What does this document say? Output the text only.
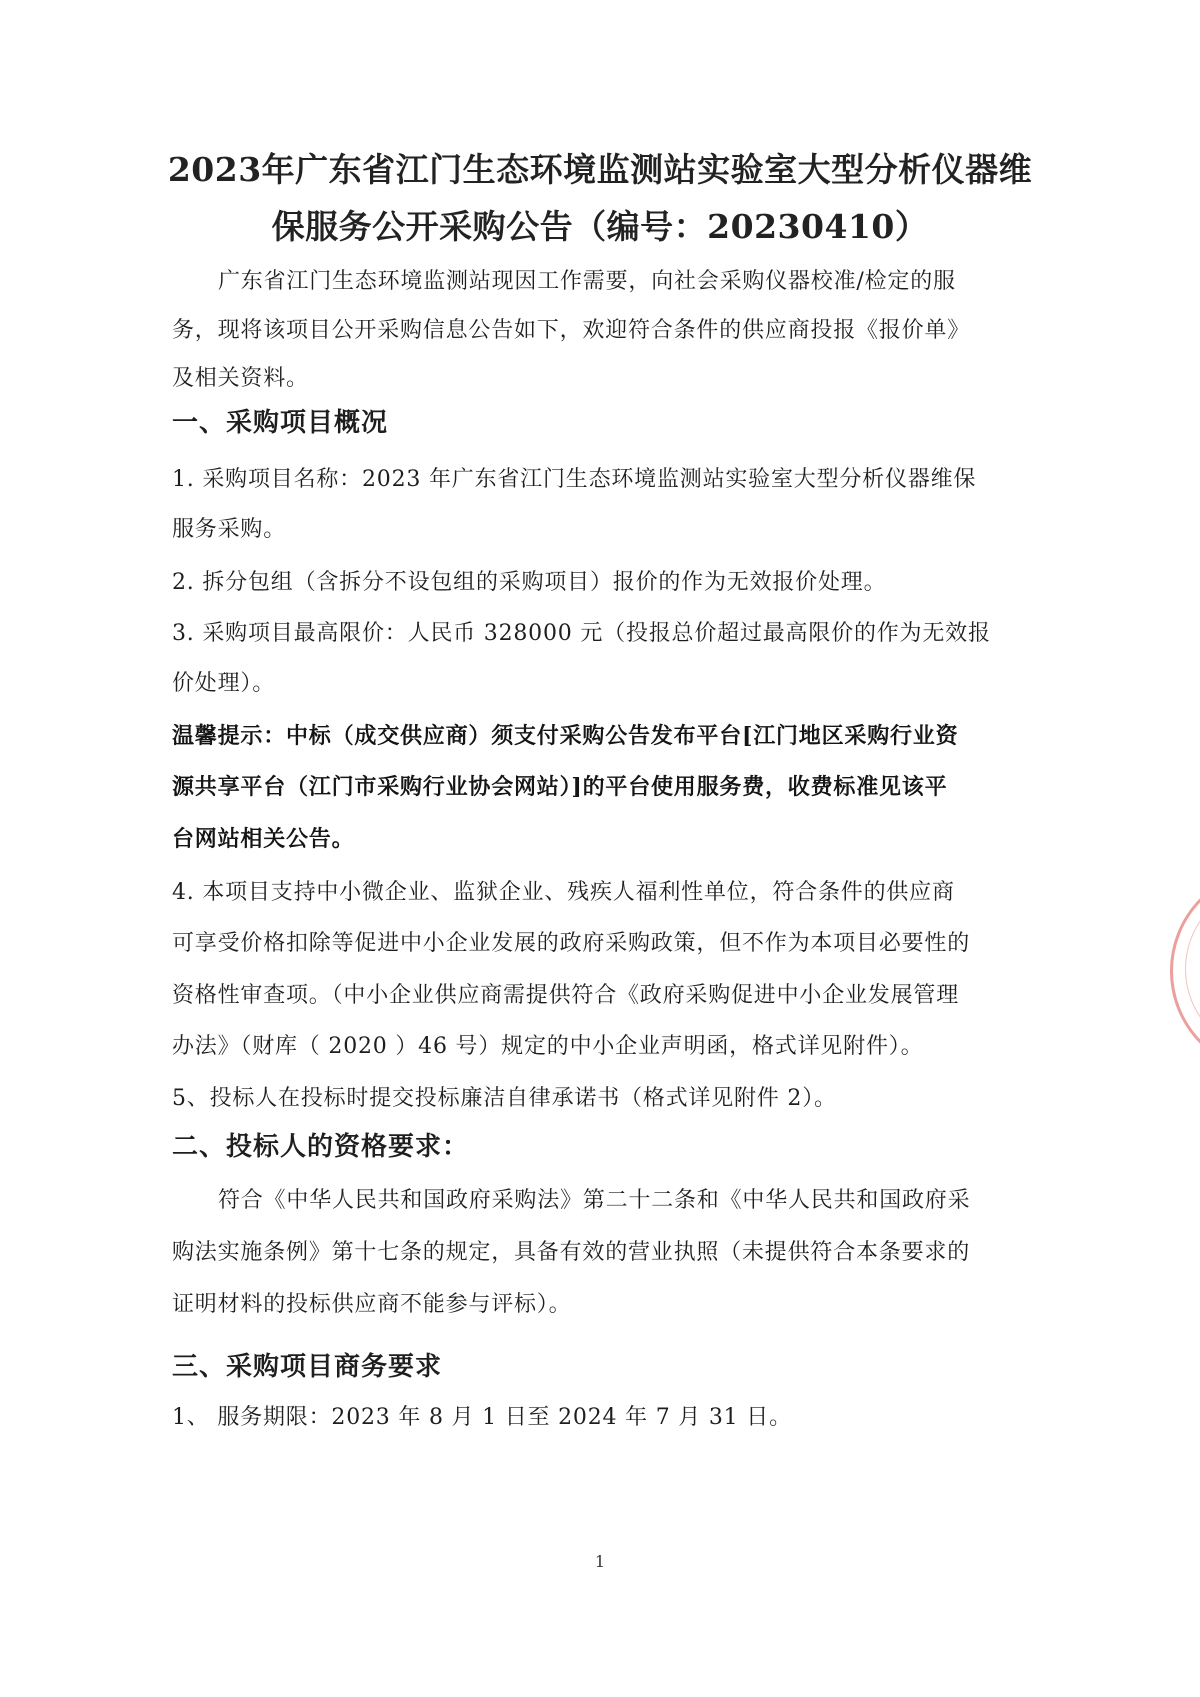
2023年广东省江门生态环境监测站实验室大型分析仪器维
保服务公开采购公告（编号：20230410）
广东省江门生态环境监测站现因工作需要，向社会采购仪器校准/检定的服
务，现将该项目公开采购信息公告如下，欢迎符合条件的供应商投报《报价单》
及相关资料。
一、采购项目概况
1. 采购项目名称：2023 年广东省江门生态环境监测站实验室大型分析仪器维保
服务采购。
2. 拆分包组（含拆分不设包组的采购项目）报价的作为无效报价处理。
3. 采购项目最高限价：人民币 328000 元（投报总价超过最高限价的作为无效报
价处理）。
温馨提示：中标（成交供应商）须支付采购公告发布平台[江门地区采购行业资
源共享平台（江门市采购行业协会网站）]的平台使用服务费，收费标准见该平
台网站相关公告。
4. 本项目支持中小微企业、监狱企业、残疾人福利性单位，符合条件的供应商
可享受价格扣除等促进中小企业发展的政府采购政策，但不作为本项目必要性的
资格性审查项。（中小企业供应商需提供符合《政府采购促进中小企业发展管理
办法》（财库（ 2020 ）46 号）规定的中小企业声明函，格式详见附件）。
5、投标人在投标时提交投标廉洁自律承诺书（格式详见附件 2）。
二、投标人的资格要求：
符合《中华人民共和国政府采购法》第二十二条和《中华人民共和国政府采
购法实施条例》第十七条的规定，具备有效的营业执照（未提供符合本条要求的
证明材料的投标供应商不能参与评标）。
三、采购项目商务要求
1、 服务期限：2023 年 8 月 1 日至 2024 年 7 月 31 日。
1
